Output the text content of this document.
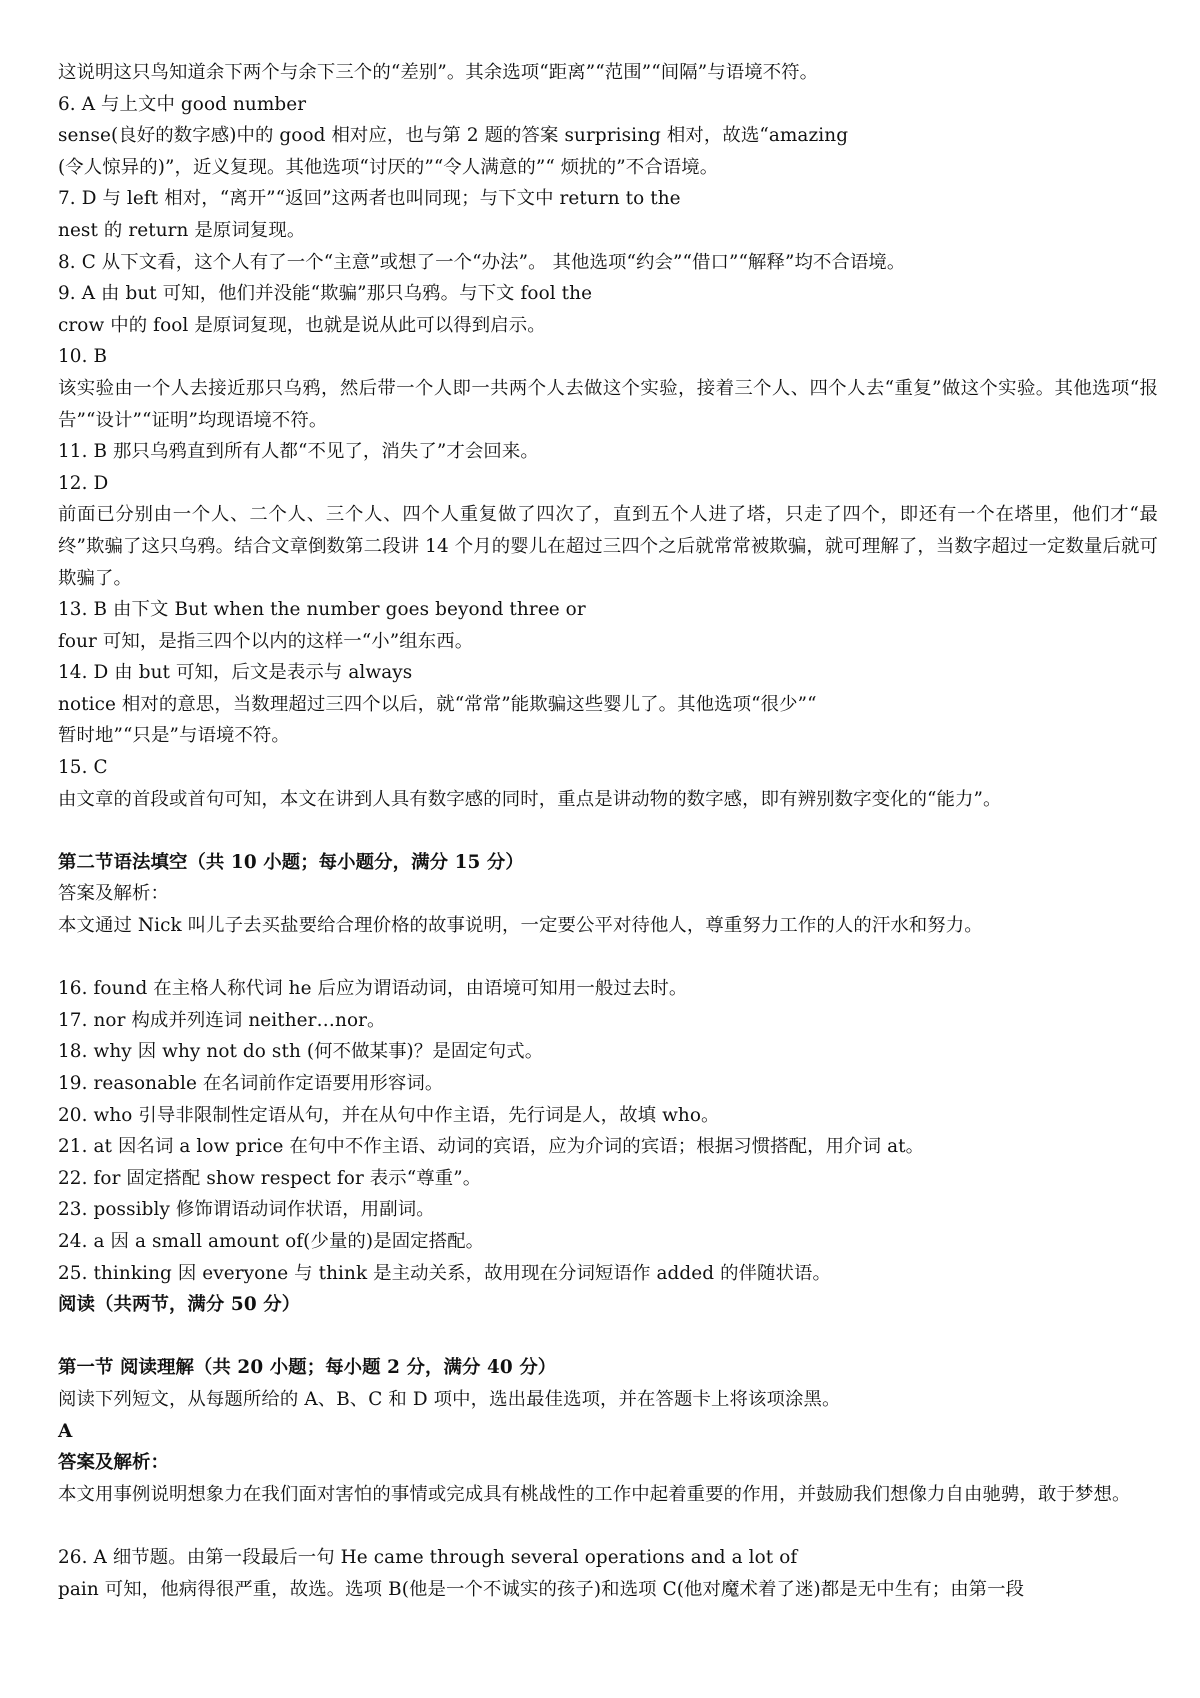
这说明这只鸟知道余下两个与余下三个的“差别”。其余选项“距离”“范围”“间隔”与语境不符。
6. A 与上文中 good number
sense(良好的数字感)中的 good 相对应，也与第 2 题的答案 surprising 相对，故选“amazing
(令人惊异的)”，近义复现。其他选项“讨厌的”“令人满意的”“ 烦扰的”不合语境。
7. D 与 left 相对，“离开”“返回”这两者也叫同现；与下文中 return to the
nest 的 return 是原词复现。
8. C 从下文看，这个人有了一个“主意”或想了一个“办法”。 其他选项“约会”“借口”“解释”均不合语境。
9. A 由 but 可知，他们并没能“欺骗”那只乌鸦。与下文 fool the
crow 中的 fool 是原词复现，也就是说从此可以得到启示。
10. B
该实验由一个人去接近那只乌鸦，然后带一个人即一共两个人去做这个实验，接着三个人、四个人去“重复”做这个实验。其他选项“报告”“设计”“证明”均现语境不符。
11. B 那只乌鸦直到所有人都“不见了，消失了”才会回来。
12. D
前面已分别由一个人、二个人、三个人、四个人重复做了四次了，直到五个人进了塔，只走了四个，即还有一个在塔里，他们才“最终”欺骗了这只乌鸦。结合文章倒数第二段讲 14 个月的婴儿在超过三四个之后就常常被欺骗，就可理解了，当数字超过一定数量后就可欺骗了。
13. B 由下文 But when the number goes beyond three or
four 可知，是指三四个以内的这样一“小”组东西。
14. D 由 but 可知，后文是表示与 always
notice 相对的意思，当数理超过三四个以后，就“常常”能欺骗这些婴儿了。其他选项“很少”“
暂时地”“只是”与语境不符。
15. C
由文章的首段或首句可知，本文在讲到人具有数字感的同时，重点是讲动物的数字感，即有辨别数字变化的“能力”。
第二节语法填空（共 10 小题；每小题分，满分 15 分）
答案及解析：
本文通过 Nick 叫儿子去买盐要给合理价格的故事说明，一定要公平对待他人，尊重努力工作的人的汗水和努力。
16. found 在主格人称代词 he 后应为谓语动词，由语境可知用一般过去时。
17. nor 构成并列连词 neither…nor。
18. why 因 why not do sth (何不做某事)？是固定句式。
19. reasonable 在名词前作定语要用形容词。
20. who 引导非限制性定语从句，并在从句中作主语，先行词是人，故填 who。
21. at 因名词 a low price 在句中不作主语、动词的宾语，应为介词的宾语；根据习惯搭配，用介词 at。
22. for 固定搭配 show respect for 表示“尊重”。
23. possibly 修饰谓语动词作状语，用副词。
24. a 因 a small amount of(少量的)是固定搭配。
25. thinking 因 everyone 与 think 是主动关系，故用现在分词短语作 added 的伴随状语。
阅读（共两节，满分 50 分）
第一节 阅读理解（共 20 小题；每小题 2 分，满分 40 分）
阅读下列短文，从每题所给的 A、B、C 和 D 项中，选出最佳选项，并在答题卡上将该项涂黑。
A
答案及解析：
本文用事例说明想象力在我们面对害怕的事情或完成具有桃战性的工作中起着重要的作用，并鼓励我们想像力自由驰骋，敢于梦想。
26. A 细节题。由第一段最后一句 He came through several operations and a lot of
pain 可知，他病得很严重，故选。选项 B(他是一个不诚实的孩子)和选项 C(他对魔术着了迷)都是无中生有；由第一段
